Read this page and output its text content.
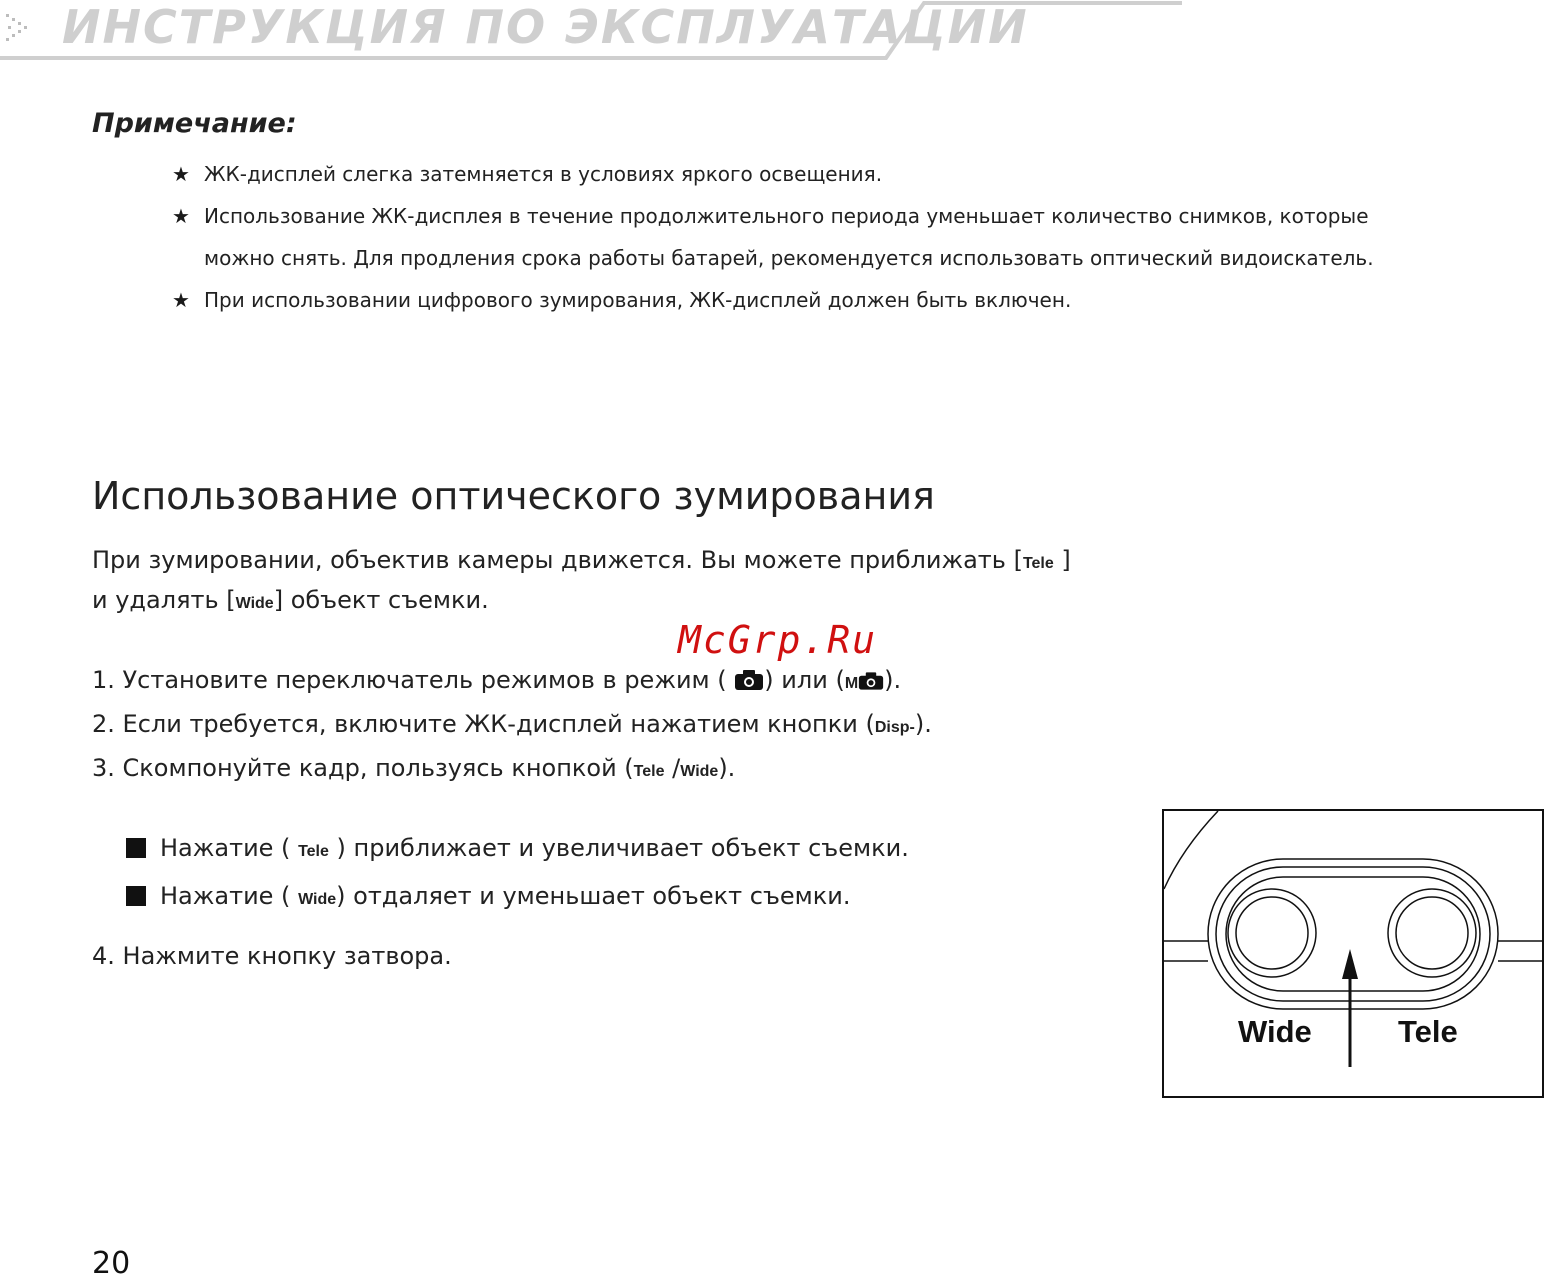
ИНСТРУКЦИЯ ПО ЭКСПЛУАТАЦИИ
Примечание:
★ ЖК-дисплей слегка затемняется в условиях яркого освещения.
★ Использование ЖК-дисплея в течение продолжительного периода уменьшает количество снимков, которые
можно снять. Для продления срока работы батарей, рекомендуется использовать оптический видоискатель.
★ При использовании цифрового зумирования, ЖК-дисплей должен быть включен.
Использование оптического зумирования
При зумировании, объектив камеры движется. Вы можете приближать [Tele ]
и удалять [Wide] объект съемки.
McGrp.Ru
1. Установите переключатель режимов в режим ( ) или (M ).
2. Если требуется, включите ЖК-дисплей нажатием кнопки (Disp-).
3. Скомпонуйте кадр, пользуясь кнопкой (Tele /Wide).
Нажатие ( Tele ) приближает и увеличивает объект съемки.
Нажатие ( Wide) отдаляет и уменьшает объект съемки.
4. Нажмите кнопку затвора.
Wide	Tele
20
